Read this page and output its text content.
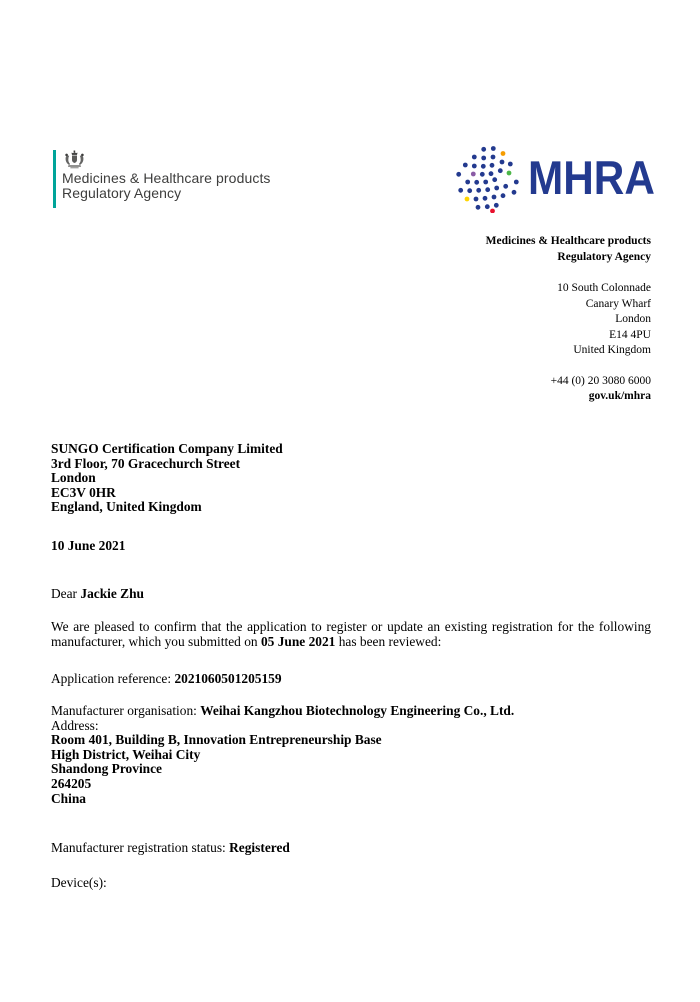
Medicines & Healthcare products
Regulatory Agency	MHRA
Medicines & Healthcare products
Regulatory Agency
10 South Colonnade
Canary Wharf
London
E14 4PU
United Kingdom
+44 (0) 20 3080 6000
gov.uk/mhra
SUNGO Certification Company Limited
3rd Floor, 70 Gracechurch Street
London
EC3V 0HR
England, United Kingdom
10 June 2021
Dear Jackie Zhu
We are pleased to confirm that the application to register or update an existing registration for the following manufacturer, which you submitted on 05 June 2021 has been reviewed:
Application reference: 2021060501205159
Manufacturer organisation: Weihai Kangzhou Biotechnology Engineering Co., Ltd.
Address:
Room 401, Building B, Innovation Entrepreneurship Base
High District, Weihai City
Shandong Province
264205
China
Manufacturer registration status: Registered
Device(s):
